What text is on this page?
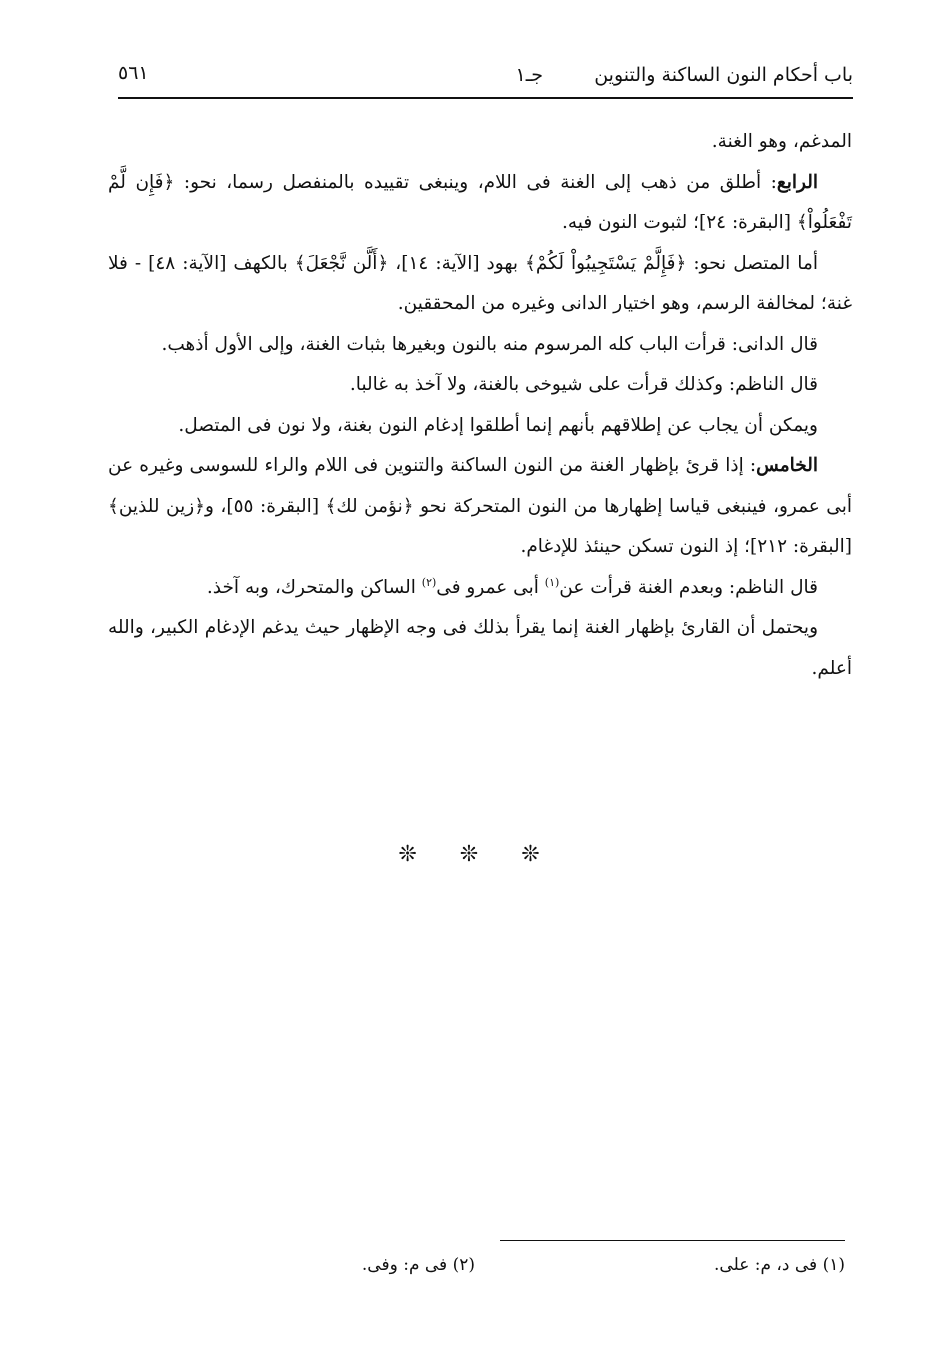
باب أحكام النون الساكنة والتنوين
جـ١
٥٦١

المدغم، وهو الغنة.

الرابع: أطلق من ذهب إلى الغنة فى اللام، وينبغى تقييده بالمنفصل رسما، نحو: ﴿فَإِن لَّمْ تَفْعَلُواْ﴾ [البقرة: ٢٤]؛ لثبوت النون فيه.

أما المتصل نحو: ﴿فَإِلَّمْ يَسْتَجِيبُواْ لَكُمْ﴾ بهود [الآية: ١٤]، ﴿أَلَّن نَّجْعَلَ﴾ بالكهف [الآية: ٤٨] - فلا غنة؛ لمخالفة الرسم، وهو اختيار الدانى وغيره من المحققين.

قال الدانى: قرأت الباب كله المرسوم منه بالنون وبغيرها بثبات الغنة، وإلى الأول أذهب.

قال الناظم: وكذلك قرأت على شيوخى بالغنة، ولا آخذ به غالبا.

ويمكن أن يجاب عن إطلاقهم بأنهم إنما أطلقوا إدغام النون بغنة، ولا نون فى المتصل.

الخامس: إذا قرئ بإظهار الغنة من النون الساكنة والتنوين فى اللام والراء للسوسى وغيره عن أبى عمرو، فينبغى قياسا إظهارها من النون المتحركة نحو ﴿نؤمن لك﴾ [البقرة: ٥٥]، و﴿زين للذين﴾ [البقرة: ٢١٢]؛ إذ النون تسكن حينئذ للإدغام.

قال الناظم: وبعدم الغنة قرأت عن$^{(١)}$ أبى عمرو فى$^{(٢)}$ الساكن والمتحرك، وبه آخذ.

ويحتمل أن القارئ بإظهار الغنة إنما يقرأ بذلك فى وجه الإظهار حيث يدغم الإدغام الكبير، والله أعلم.

❊ ❊ ❊
(١) فى د، م: على.
(٢) فى م: وفى.
